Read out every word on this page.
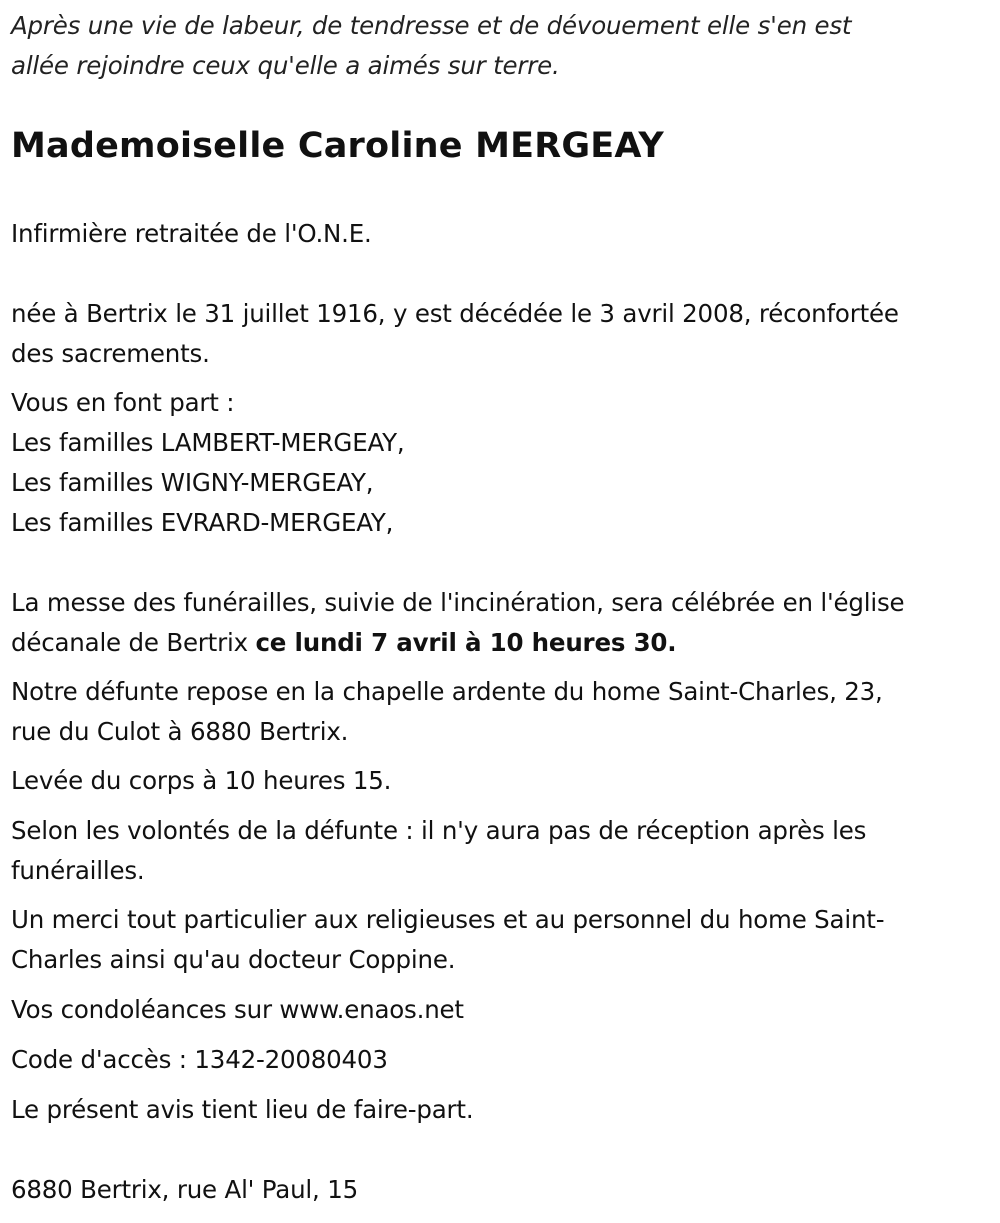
Après une vie de labeur, de tendresse et de dévouement elle s'en est
allée rejoindre ceux qu'elle a aimés sur terre.
Mademoiselle Caroline MERGEAY
Infirmière retraitée de l'O.N.E.
née à Bertrix le 31 juillet 1916, y est décédée le 3 avril 2008, réconfortée
des sacrements.
Vous en font part :
Les familles LAMBERT-MERGEAY,
Les familles WIGNY-MERGEAY,
Les familles EVRARD-MERGEAY,
La messe des funérailles, suivie de l'incinération, sera célébrée en l'église
décanale de Bertrix ce lundi 7 avril à 10 heures 30.
Notre défunte repose en la chapelle ardente du home Saint-Charles, 23,
rue du Culot à 6880 Bertrix.
Levée du corps à 10 heures 15.
Selon les volontés de la défunte : il n'y aura pas de réception après les
funérailles.
Un merci tout particulier aux religieuses et au personnel du home Saint-
Charles ainsi qu'au docteur Coppine.
Vos condoléances sur www.enaos.net
Code d'accès : 1342-20080403
Le présent avis tient lieu de faire-part.
6880 Bertrix, rue Al' Paul, 15
